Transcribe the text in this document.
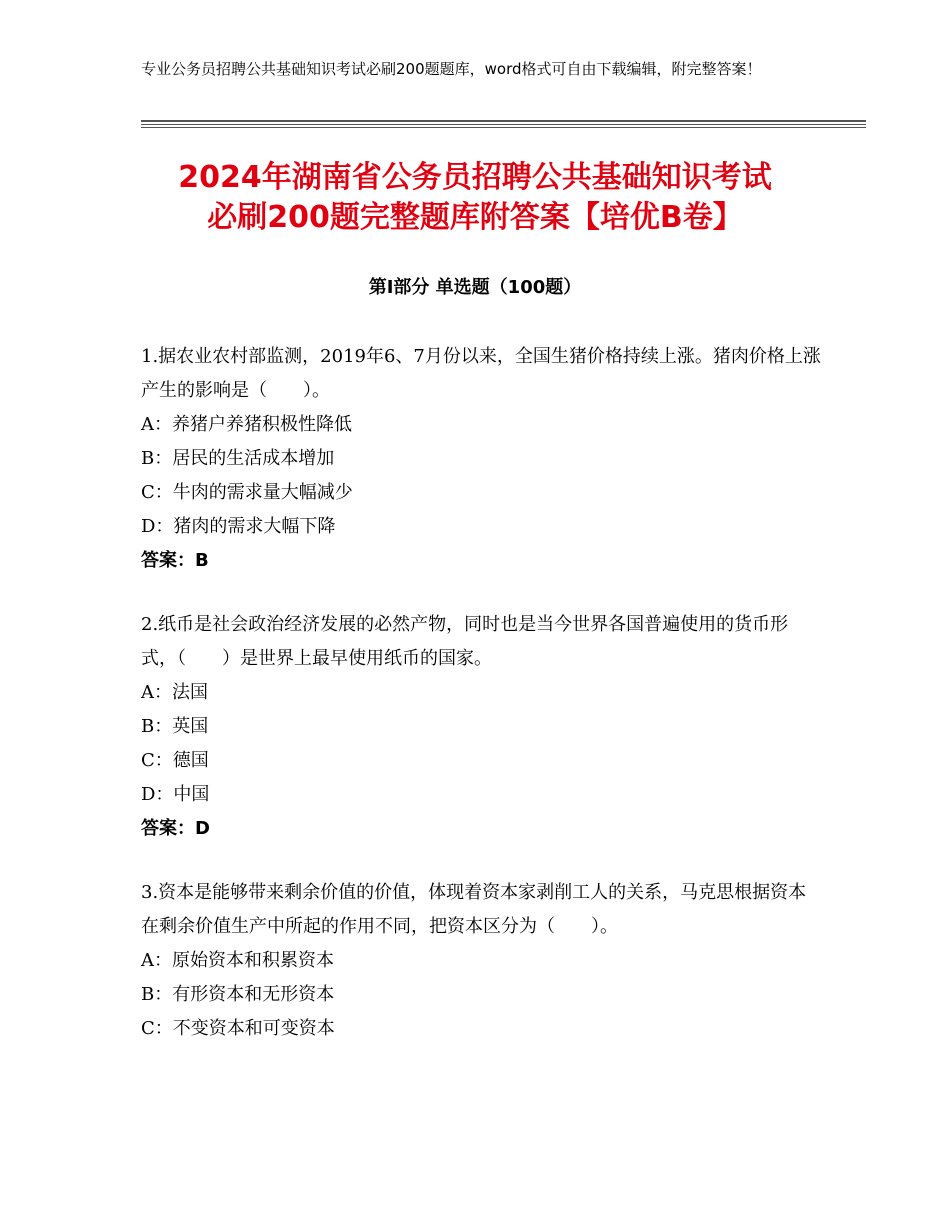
专业公务员招聘公共基础知识考试必刷200题题库，word格式可自由下载编辑，附完整答案！
2024年湖南省公务员招聘公共基础知识考试
必刷200题完整题库附答案【培优B卷】
第Ⅰ部分 单选题（100题）
1.据农业农村部监测，2019年6、7月份以来，全国生猪价格持续上涨。猪肉价格上涨产生的影响是（　　）。
A：养猪户养猪积极性降低
B：居民的生活成本增加
C：牛肉的需求量大幅减少
D：猪肉的需求大幅下降
答案：B
2.纸币是社会政治经济发展的必然产物，同时也是当今世界各国普遍使用的货币形式，（　　）是世界上最早使用纸币的国家。
A：法国
B：英国
C：德国
D：中国
答案：D
3.资本是能够带来剩余价值的价值，体现着资本家剥削工人的关系，马克思根据资本在剩余价值生产中所起的作用不同，把资本区分为（　　）。
A：原始资本和积累资本
B：有形资本和无形资本
C：不变资本和可变资本
